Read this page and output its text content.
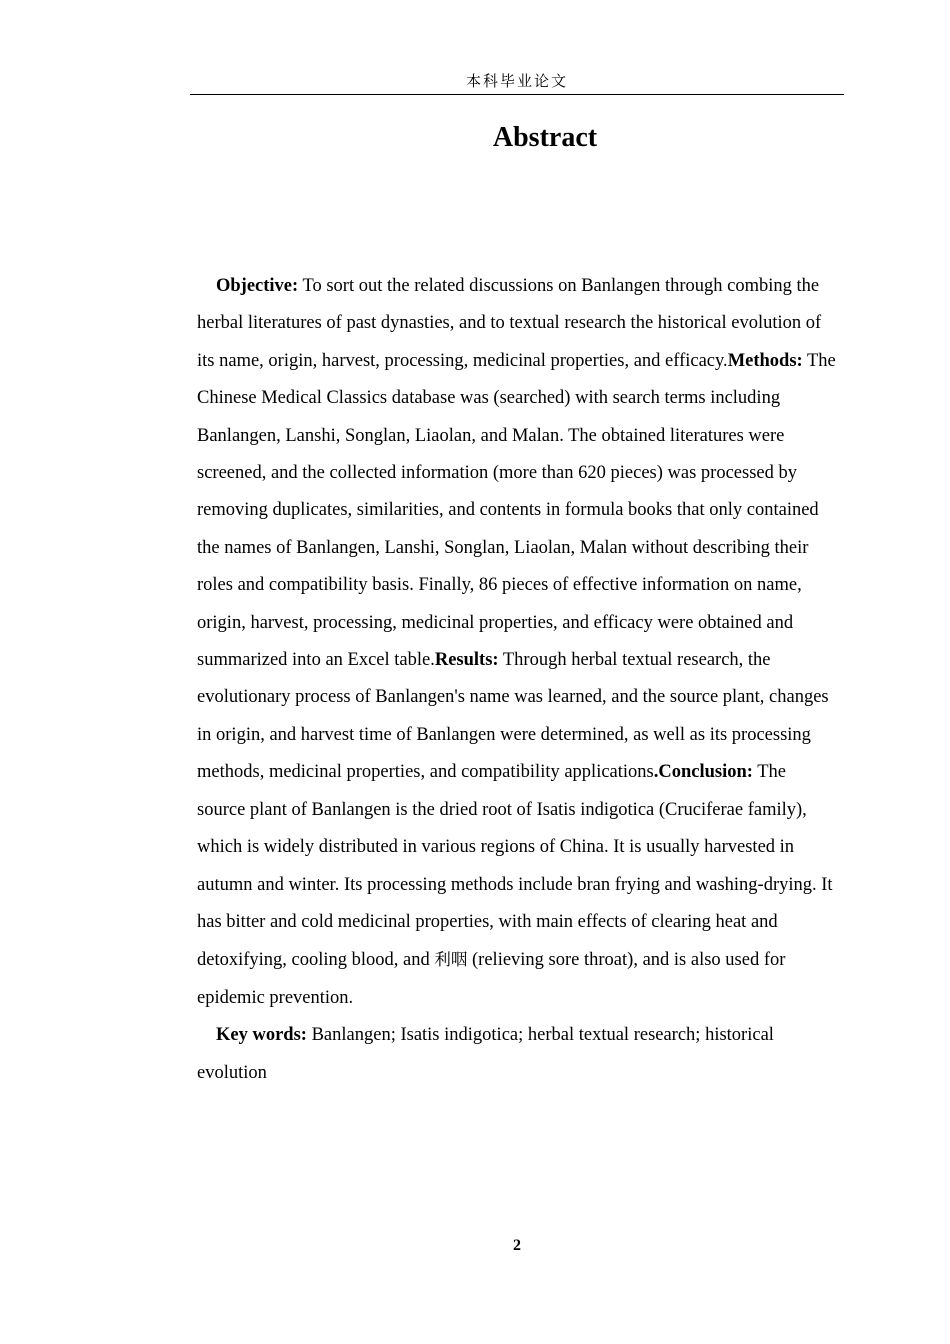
本科毕业论文
Abstract

Objective: To sort out the related discussions on Banlangen through combing the herbal literatures of past dynasties, and to textual research the historical evolution of its name, origin, harvest, processing, medicinal properties, and efficacy.Methods: The Chinese Medical Classics database was (searched) with search terms including Banlangen, Lanshi, Songlan, Liaolan, and Malan. The obtained literatures were screened, and the collected information (more than 620 pieces) was processed by removing duplicates, similarities, and contents in formula books that only contained the names of Banlangen, Lanshi, Songlan, Liaolan, Malan without describing their roles and compatibility basis. Finally, 86 pieces of effective information on name, origin, harvest, processing, medicinal properties, and efficacy were obtained and summarized into an Excel table.Results: Through herbal textual research, the evolutionary process of Banlangen's name was learned, and the source plant, changes in origin, and harvest time of Banlangen were determined, as well as its processing methods, medicinal properties, and compatibility applications.Conclusion: The source plant of Banlangen is the dried root of Isatis indigotica (Cruciferae family), which is widely distributed in various regions of China. It is usually harvested in autumn and winter. Its processing methods include bran frying and washing-drying. It has bitter and cold medicinal properties, with main effects of clearing heat and detoxifying, cooling blood, and 利咽 (relieving sore throat), and is also used for epidemic prevention.

Key words: Banlangen; Isatis indigotica; herbal textual research; historical evolution

2
